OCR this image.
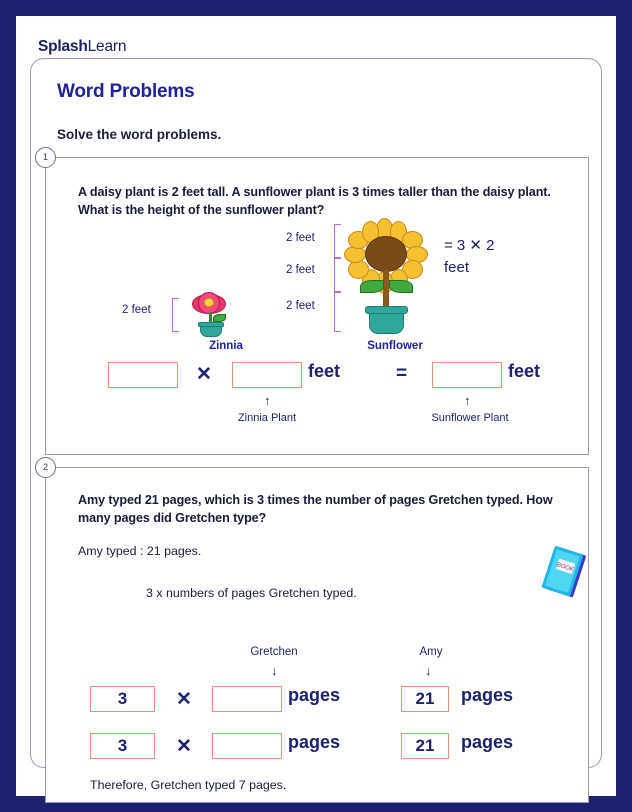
SplashLearn
Word Problems
Solve the word problems.
1
A daisy plant is 2 feet tall. A sunflower plant is 3 times taller than the daisy plant. What is the height of the sunflower plant?
2 feet
2 feet
2 feet
2 feet
Zinnia	Sunflower
= 3 ✕ 2
feet
✕	feet	=	feet
↑
Zinnia Plant
↑
Sunflower Plant
2
Amy typed 21 pages, which is 3 times the number of pages Gretchen typed. How many pages did Gretchen type?
Amy typed : 21 pages.
3 x numbers of pages Gretchen typed.
BOOK
Gretchen
↓
Amy
↓
3	✕	pages	21	pages
3	✕	pages	21	pages
Therefore, Gretchen typed 7 pages.
